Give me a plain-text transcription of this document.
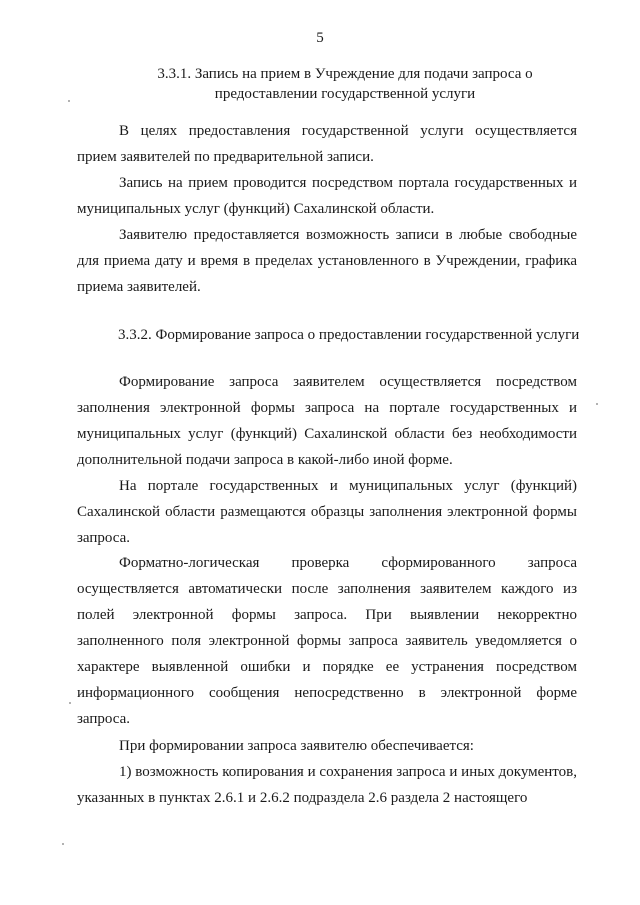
5
3.3.1. Запись на прием в Учреждение для подачи запроса о предоставлении государственной услуги

В целях предоставления государственной услуги осуществляется прием заявителей по предварительной записи.

Запись на прием проводится посредством портала государственных и муниципальных услуг (функций) Сахалинской области.

Заявителю предоставляется возможность записи в любые свободные для приема дату и время в пределах установленного в Учреждении, графика приема заявителей.

3.3.2. Формирование запроса о предоставлении государственной услуги

Формирование запроса заявителем осуществляется посредством заполнения электронной формы запроса на портале государственных и муниципальных услуг (функций) Сахалинской области без необходимости дополнительной подачи запроса в какой-либо иной форме.

На портале государственных и муниципальных услуг (функций) Сахалинской области размещаются образцы заполнения электронной формы запроса.

Форматно-логическая проверка сформированного запроса осуществляется автоматически после заполнения заявителем каждого из полей электронной формы запроса. При выявлении некорректно заполненного поля электронной формы запроса заявитель уведомляется о характере выявленной ошибки и порядке ее устранения посредством информационного сообщения непосредственно в электронной форме запроса.

При формировании запроса заявителю обеспечивается:

1) возможность копирования и сохранения запроса и иных документов, указанных в пунктах 2.6.1 и 2.6.2 подраздела 2.6 раздела 2 настоящего
